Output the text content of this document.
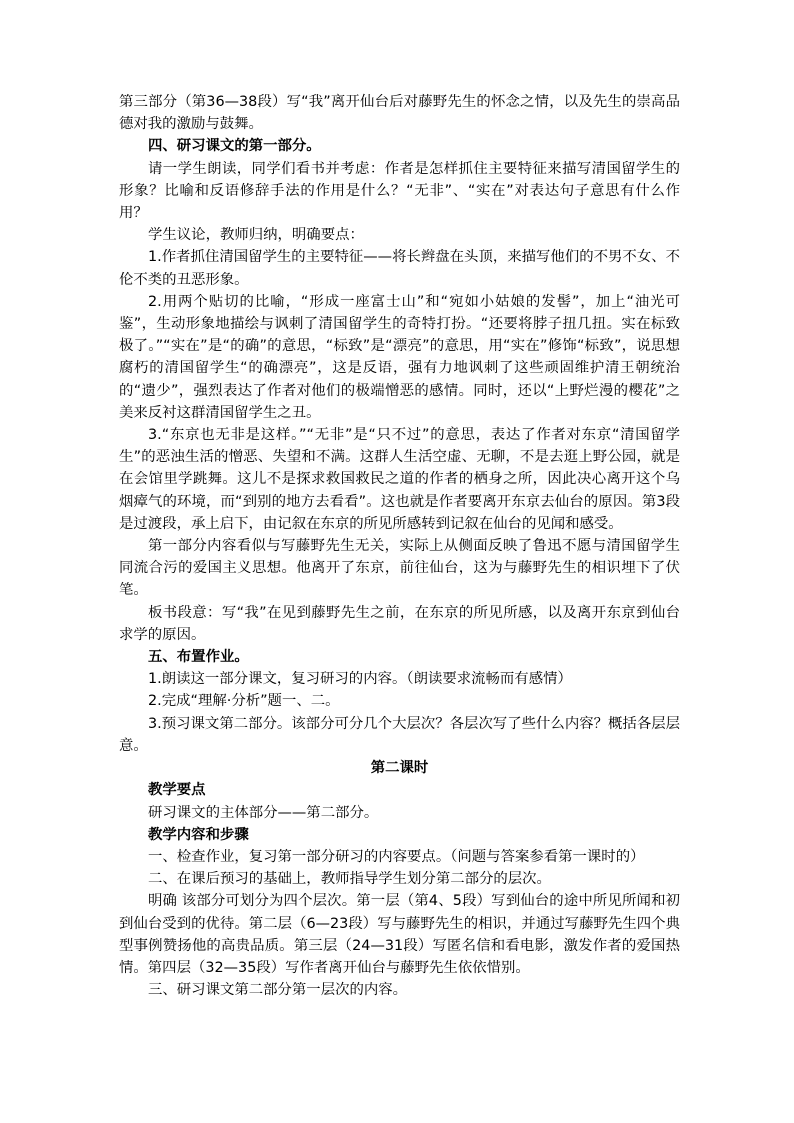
第三部分（第36—38段）写“我”离开仙台后对藤野先生的怀念之情，以及先生的崇高品德对我的激励与鼓舞。

四、研习课文的第一部分。

请一学生朗读，同学们看书并考虑：作者是怎样抓住主要特征来描写清国留学生的形象？比喻和反语修辞手法的作用是什么？“无非”、“实在”对表达句子意思有什么作用？

学生议论，教师归纳，明确要点：

1.作者抓住清国留学生的主要特征——将长辫盘在头顶，来描写他们的不男不女、不伦不类的丑恶形象。

2.用两个贴切的比喻，“形成一座富士山”和“宛如小姑娘的发髻”，加上“油光可鉴”，生动形象地描绘与讽刺了清国留学生的奇特打扮。“还要将脖子扭几扭。实在标致极了。”“实在”是“的确”的意思，“标致”是“漂亮”的意思，用“实在”修饰“标致”，说思想腐朽的清国留学生“的确漂亮”，这是反语，强有力地讽刺了这些顽固维护清王朝统治的“遗少”，强烈表达了作者对他们的极端憎恶的感情。同时，还以“上野烂漫的樱花”之美来反衬这群清国留学生之丑。

3.“东京也无非是这样。”“无非”是“只不过”的意思，表达了作者对东京“清国留学生”的恶浊生活的憎恶、失望和不满。这群人生活空虚、无聊，不是去逛上野公园，就是在会馆里学跳舞。这儿不是探求救国救民之道的作者的栖身之所，因此决心离开这个乌烟瘴气的环境，而“到别的地方去看看”。这也就是作者要离开东京去仙台的原因。第3段是过渡段，承上启下，由记叙在东京的所见所感转到记叙在仙台的见闻和感受。

第一部分内容看似与写藤野先生无关，实际上从侧面反映了鲁迅不愿与清国留学生同流合污的爱国主义思想。他离开了东京，前往仙台，这为与藤野先生的相识埋下了伏笔。

板书段意：写“我”在见到藤野先生之前，在东京的所见所感，以及离开东京到仙台求学的原因。

五、布置作业。

1.朗读这一部分课文，复习研习的内容。（朗读要求流畅而有感情）

2.完成“理解·分析”题一、二。

3.预习课文第二部分。该部分可分几个大层次？各层次写了些什么内容？概括各层层意。

第二课时

教学要点

研习课文的主体部分——第二部分。

教学内容和步骤

一、检查作业，复习第一部分研习的内容要点。（问题与答案参看第一课时的）

二、在课后预习的基础上，教师指导学生划分第二部分的层次。

明确 该部分可划分为四个层次。第一层（第4、5段）写到仙台的途中所见所闻和初到仙台受到的优待。第二层（6—23段）写与藤野先生的相识，并通过写藤野先生四个典型事例赞扬他的高贵品质。第三层（24—31段）写匿名信和看电影，激发作者的爱国热情。第四层（32—35段）写作者离开仙台与藤野先生依依惜别。

三、研习课文第二部分第一层次的内容。
